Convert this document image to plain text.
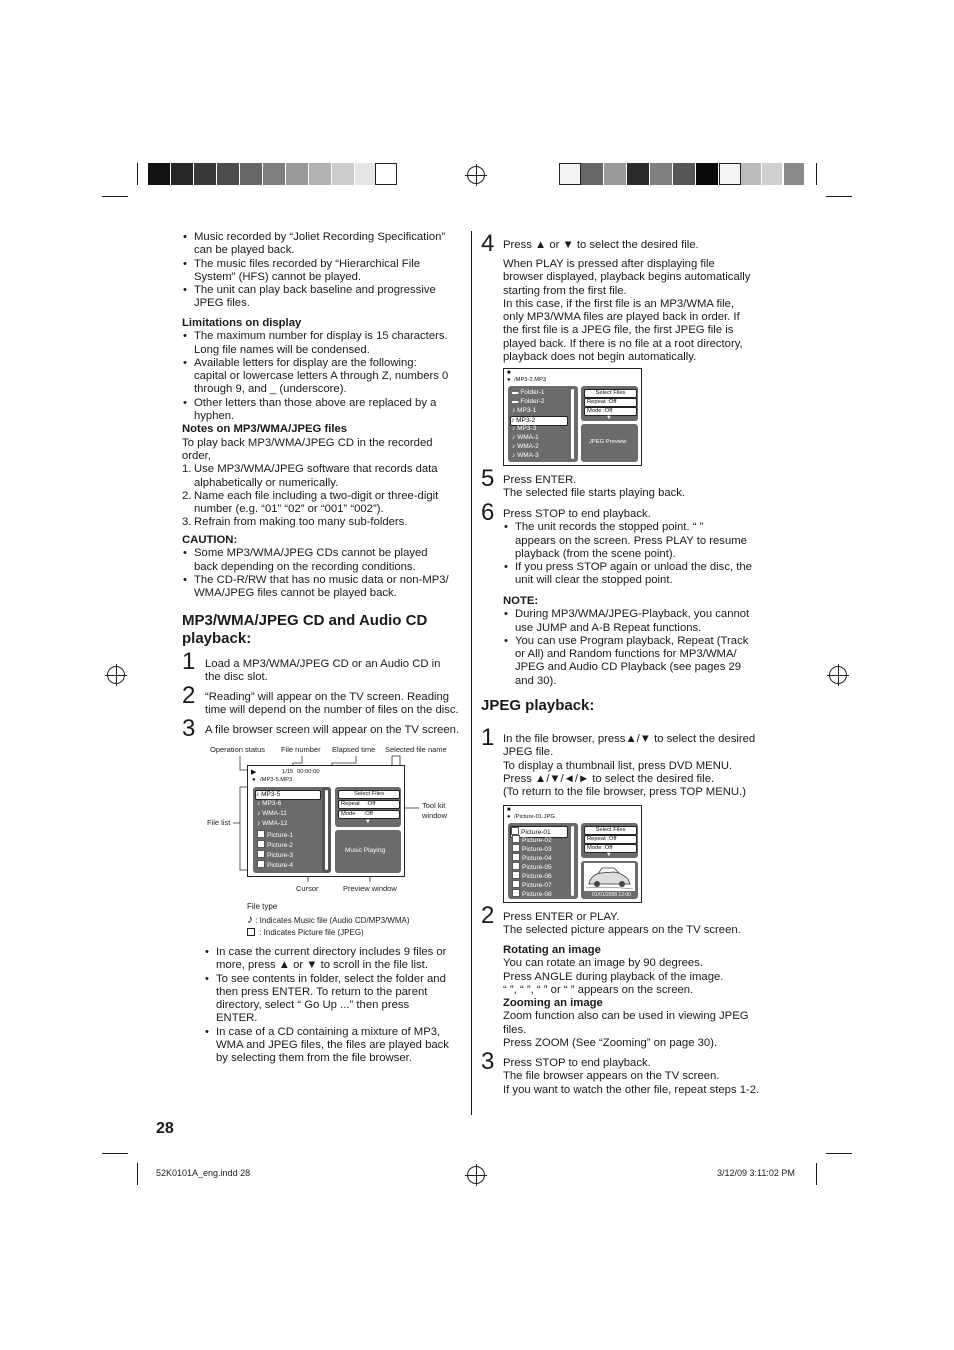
• Music recorded by “Joliet Recording Specification”
can be played back.
• The music files recorded by “Hierarchical File
System” (HFS) cannot be played.
• The unit can play back baseline and progressive
JPEG files.
Limitations on display
• The maximum number for display is 15 characters.
Long file names will be condensed.
• Available letters for display are the following:
capital or lowercase letters A through Z, numbers 0
through 9, and _ (underscore).
• Other letters than those above are replaced by a
hyphen.
Notes on MP3/WMA/JPEG files
To play back MP3/WMA/JPEG CD in the recorded
order,
1. Use MP3/WMA/JPEG software that records data
alphabetically or numerically.
2. Name each file including a two-digit or three-digit
number (e.g. “01” “02” or “001” “002”).
3. Refrain from making too many sub-folders.
CAUTION:
• Some MP3/WMA/JPEG CDs cannot be played
back depending on the recording conditions.
• The CD-R/RW that has no music data or non-MP3/
WMA/JPEG files cannot be played back.
MP3/WMA/JPEG CD and Audio CD
playback:
1 Load a MP3/WMA/JPEG CD or an Audio CD in
the disc slot.
2 “Reading” will appear on the TV screen. Reading
time will depend on the number of files on the disc.
3 A file browser screen will appear on the TV screen.
Operation status File number Elapsed time Selected file name
File list
Tool kit
window
Cursor	Preview window
▶	1/15 00:00:00
● /MP3-5.MP3
♪ MP3-5
♪ MP3-6
♪ WMA-11
♪ WMA-12
Picture-1
Picture-2
Picture-3
Picture-4
Select Files
Repeat :Off
Mode :Off
▼
Music Playing
File type
♪ : Indicates Music file (Audio CD/MP3/WMA)
: Indicates Picture file (JPEG)
• In case the current directory includes 9 files or
more, press ▲ or ▼ to scroll in the file list.
• To see contents in folder, select the folder and
then press ENTER. To return to the parent
directory, select “ Go Up ...” then press
ENTER.
• In case of a CD containing a mixture of MP3,
WMA and JPEG files, the files are played back
by selecting them from the file browser.
4 Press ▲ or ▼ to select the desired file.
When PLAY is pressed after displaying file
browser displayed, playback begins automatically
starting from the first file.
In this case, if the first file is an MP3/WMA file,
only MP3/WMA files are played back in order. If
the first file is a JPEG file, the first JPEG file is
played back. If there is no file at a root directory,
playback does not begin automatically.
■
● /MP3-2.MP3
▬ Folder-1
▬ Folder-2
♪ MP3-1
♪ MP3-2
♪ MP3-3
♪ WMA-1
♪ WMA-2
♪ WMA-3
Select Files
Repeat :Off
Mode :Off
▼
JPEG Preview
5 Press ENTER.
The selected file starts playing back.
6 Press STOP to end playback.
• The unit records the stopped point. “ ”
appears on the screen. Press PLAY to resume
playback (from the scene point).
• If you press STOP again or unload the disc, the
unit will clear the stopped point.
NOTE:
• During MP3/WMA/JPEG-Playback, you cannot
use JUMP and A-B Repeat functions.
• You can use Program playback, Repeat (Track
or All) and Random functions for MP3/WMA/
JPEG and Audio CD Playback (see pages 29
and 30).
JPEG playback:
1 In the file browser, press▲/▼ to select the desired
JPEG file.
To display a thumbnail list, press DVD MENU.
Press ▲/▼/◄/► to select the desired file.
(To return to the file browser, press TOP MENU.)
■
● /Picture-01.JPG
Picture-01
Picture-02
Picture-03
Picture-04
Picture-05
Picture-06
Picture-07
Picture-08
Select Files
Repeat :Off
Mode :Off
▼
01/01/2008 12:00
2 Press ENTER or PLAY.
The selected picture appears on the TV screen.
Rotating an image
You can rotate an image by 90 degrees.
Press ANGLE during playback of the image.
“ ”, “ ”, “ ” or “ ” appears on the screen.
Zooming an image
Zoom function also can be used in viewing JPEG
files.
Press ZOOM (See “Zooming” on page 30).
3 Press STOP to end playback.
The file browser appears on the TV screen.
If you want to watch the other file, repeat steps 1-2.
28
52K0101A_eng.indd 28	3/12/09 3:11:02 PM
